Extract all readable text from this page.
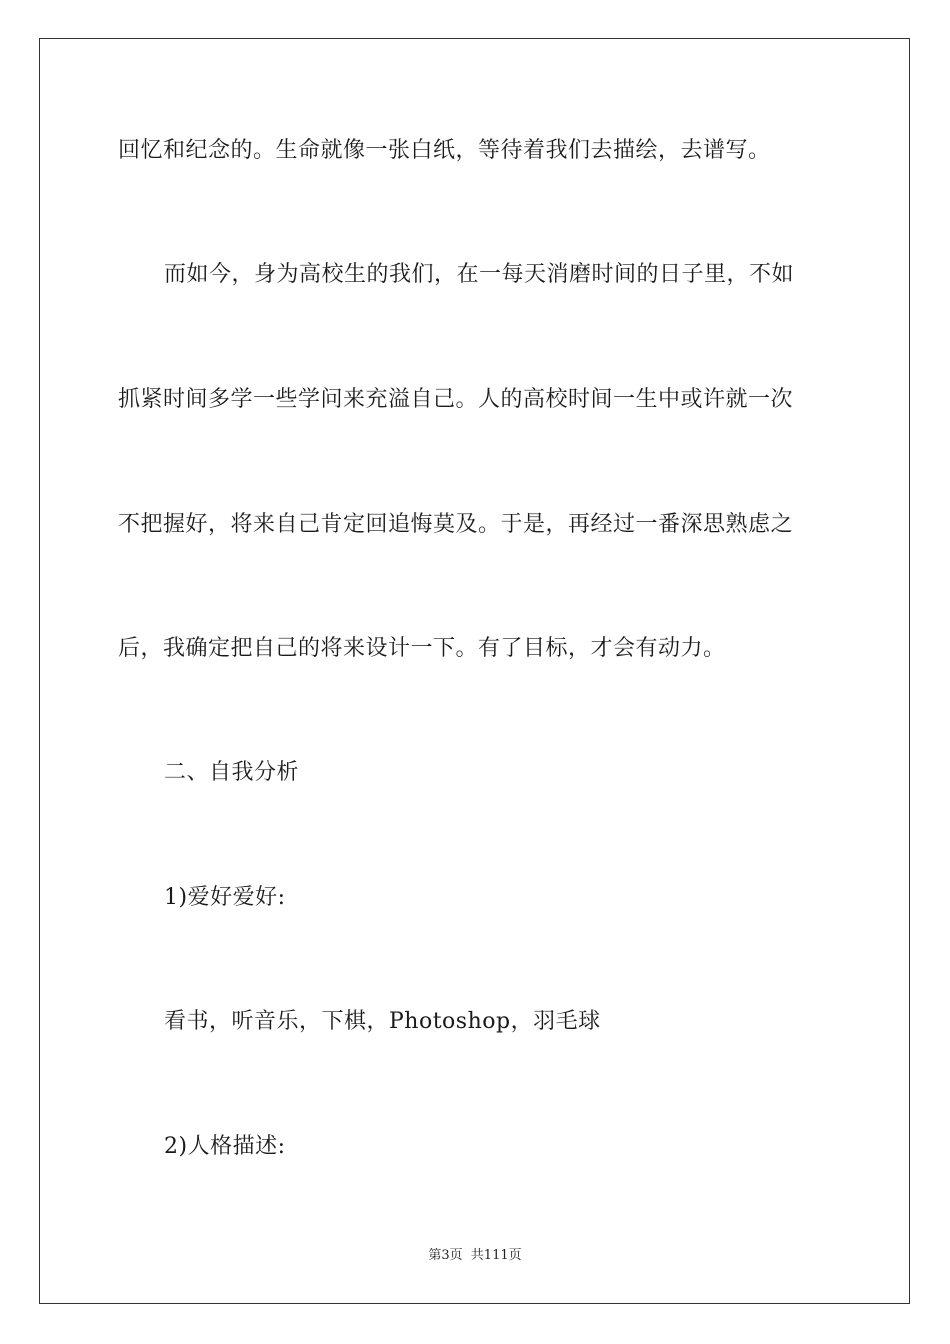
回忆和纪念的。生命就像一张白纸，等待着我们去描绘，去谱写。
而如今，身为高校生的我们，在一每天消磨时间的日子里，不如
抓紧时间多学一些学问来充溢自己。人的高校时间一生中或许就一次
不把握好，将来自己肯定回追悔莫及。于是，再经过一番深思熟虑之
后，我确定把自己的将来设计一下。有了目标，才会有动力。
二、自我分析
1)爱好爱好:
看书，听音乐，下棋，Photoshop，羽毛球
2)人格描述:
第3页 共111页
